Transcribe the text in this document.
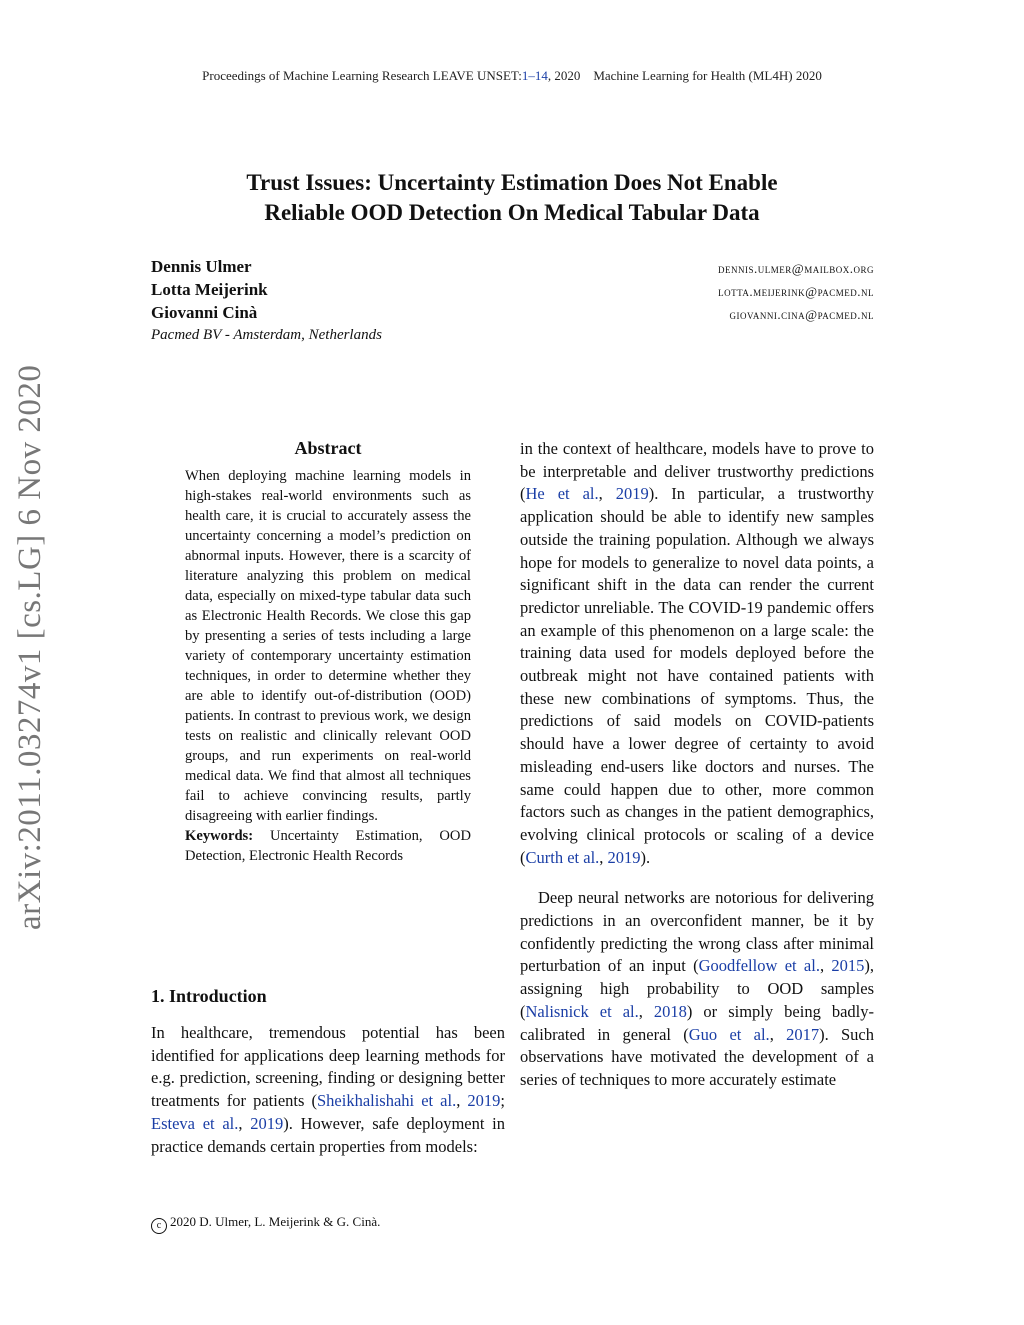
Proceedings of Machine Learning Research LEAVE UNSET:1–14, 2020 Machine Learning for Health (ML4H) 2020
Trust Issues: Uncertainty Estimation Does Not Enable
Reliable OOD Detection On Medical Tabular Data
Dennis Ulmer	dennis.ulmer@mailbox.org
Lotta Meijerink	lotta.meijerink@pacmed.nl
Giovanni Cinà	giovanni.cina@pacmed.nl
Pacmed BV - Amsterdam, Netherlands
arXiv:2011.03274v1 [cs.LG] 6 Nov 2020	Abstract
When deploying machine learning models in high-stakes real-world environments such as health care, it is crucial to accurately assess the uncertainty concerning a model’s prediction on abnormal inputs. However, there is a scarcity of literature analyzing this problem on medical data, especially on mixed-type tabular data such as Electronic Health Records. We close this gap by presenting a series of tests including a large variety of contemporary uncertainty estimation techniques, in order to determine whether they are able to identify out-of-distribution (OOD) patients. In contrast to previous work, we design tests on realistic and clinically relevant OOD groups, and run experiments on real-world medical data. We find that almost all techniques fail to achieve convincing results, partly disagreeing with earlier findings.
Keywords: Uncertainty Estimation, OOD Detection, Electronic Health Records
1. Introduction

In healthcare, tremendous potential has been identified for applications deep learning methods for e.g. prediction, screening, finding or designing better treatments for patients (Sheikhalishahi et al., 2019; Esteva et al., 2019). However, safe deployment in practice demands certain properties from models:

in the context of healthcare, models have to prove to be interpretable and deliver trustworthy predictions (He et al., 2019). In particular, a trustworthy application should be able to identify new samples outside the training population. Although we always hope for models to generalize to novel data points, a significant shift in the data can render the current predictor unreliable. The COVID-19 pandemic offers an example of this phenomenon on a large scale: the training data used for models deployed before the outbreak might not have contained patients with these new combinations of symptoms. Thus, the predictions of said models on COVID-patients should have a lower degree of certainty to avoid misleading end-users like doctors and nurses. The same could happen due to other, more common factors such as changes in the patient demographics, evolving clinical protocols or scaling of a device (Curth et al., 2019).

Deep neural networks are notorious for delivering predictions in an overconfident manner, be it by confidently predicting the wrong class after minimal perturbation of an input (Goodfellow et al., 2015), assigning high probability to OOD samples (Nalisnick et al., 2018) or simply being badly-calibrated in general (Guo et al., 2017). Such observations have motivated the development of a series of techniques to more accurately estimate

c 2020 D. Ulmer, L. Meijerink & G. Cinà.
